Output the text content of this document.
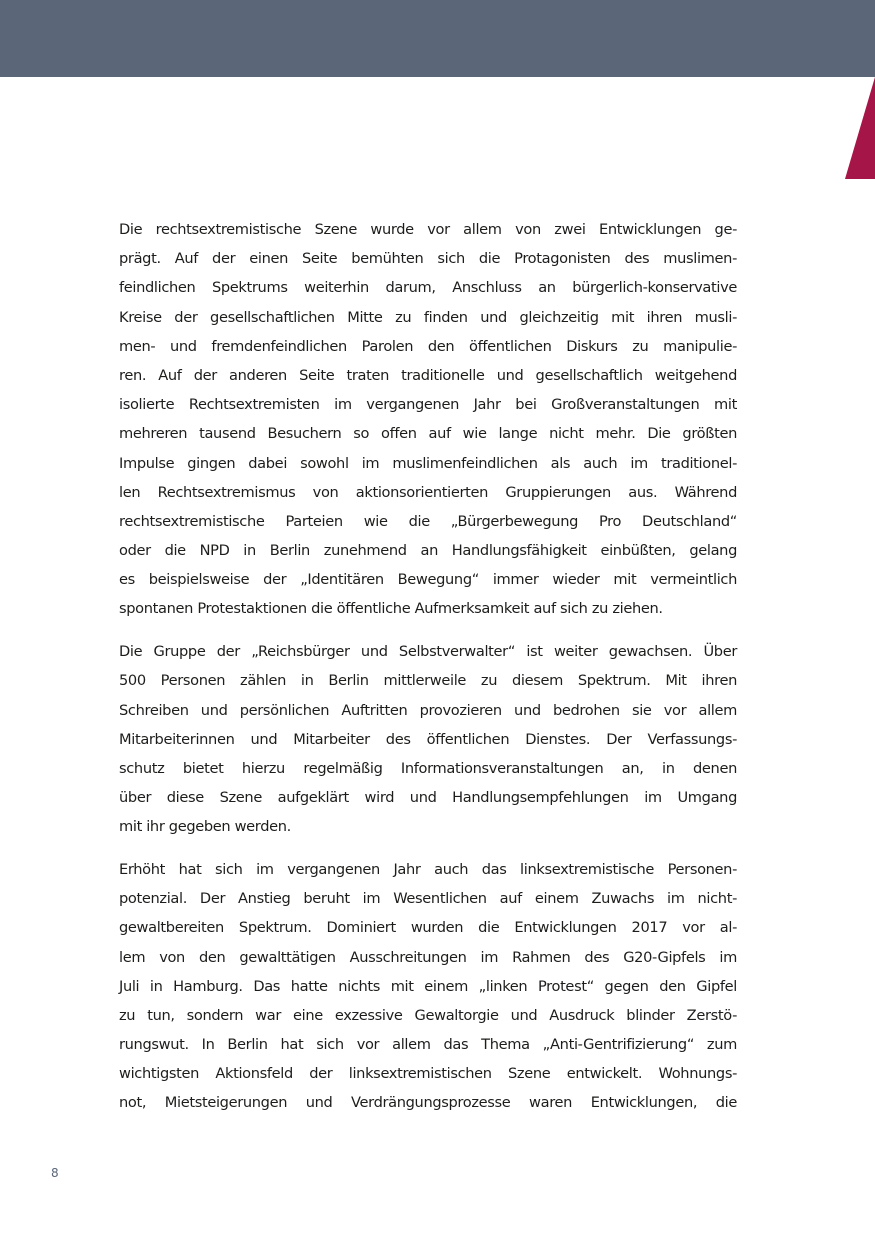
Die rechtsextremistische Szene wurde vor allem von zwei Entwicklungen ge-
prägt. Auf der einen Seite bemühten sich die Protagonisten des muslimen-
feindlichen Spektrums weiterhin darum, Anschluss an bürgerlich-konservative
Kreise der gesellschaftlichen Mitte zu finden und gleichzeitig mit ihren musli-
men- und fremdenfeindlichen Parolen den öffentlichen Diskurs zu manipulie-
ren. Auf der anderen Seite traten traditionelle und gesellschaftlich weitgehend
isolierte Rechtsextremisten im vergangenen Jahr bei Großveranstaltungen mit
mehreren tausend Besuchern so offen auf wie lange nicht mehr. Die größten
Impulse gingen dabei sowohl im muslimenfeindlichen als auch im traditionel-
len Rechtsextremismus von aktionsorientierten Gruppierungen aus. Während
rechtsextremistische Parteien wie die „Bürgerbewegung Pro Deutschland“
oder die NPD in Berlin zunehmend an Handlungsfähigkeit einbüßten, gelang
es beispielsweise der „Identitären Bewegung“ immer wieder mit vermeintlich
spontanen Protestaktionen die öffentliche Aufmerksamkeit auf sich zu ziehen.

Die Gruppe der „Reichsbürger und Selbstverwalter“ ist weiter gewachsen. Über
500 Personen zählen in Berlin mittlerweile zu diesem Spektrum. Mit ihren
Schreiben und persönlichen Auftritten provozieren und bedrohen sie vor allem
Mitarbeiterinnen und Mitarbeiter des öffentlichen Dienstes. Der Verfassungs-
schutz bietet hierzu regelmäßig Informationsveranstaltungen an, in denen
über diese Szene aufgeklärt wird und Handlungsempfehlungen im Umgang
mit ihr gegeben werden.

Erhöht hat sich im vergangenen Jahr auch das linksextremistische Personen-
potenzial. Der Anstieg beruht im Wesentlichen auf einem Zuwachs im nicht-
gewaltbereiten Spektrum. Dominiert wurden die Entwicklungen 2017 vor al-
lem von den gewalttätigen Ausschreitungen im Rahmen des G20-Gipfels im
Juli in Hamburg. Das hatte nichts mit einem „linken Protest“ gegen den Gipfel
zu tun, sondern war eine exzessive Gewaltorgie und Ausdruck blinder Zerstö-
rungswut. In Berlin hat sich vor allem das Thema „Anti-Gentrifizierung“ zum
wichtigsten Aktionsfeld der linksextremistischen Szene entwickelt. Wohnungs-
not, Mietsteigerungen und Verdrängungsprozesse waren Entwicklungen, die

8
